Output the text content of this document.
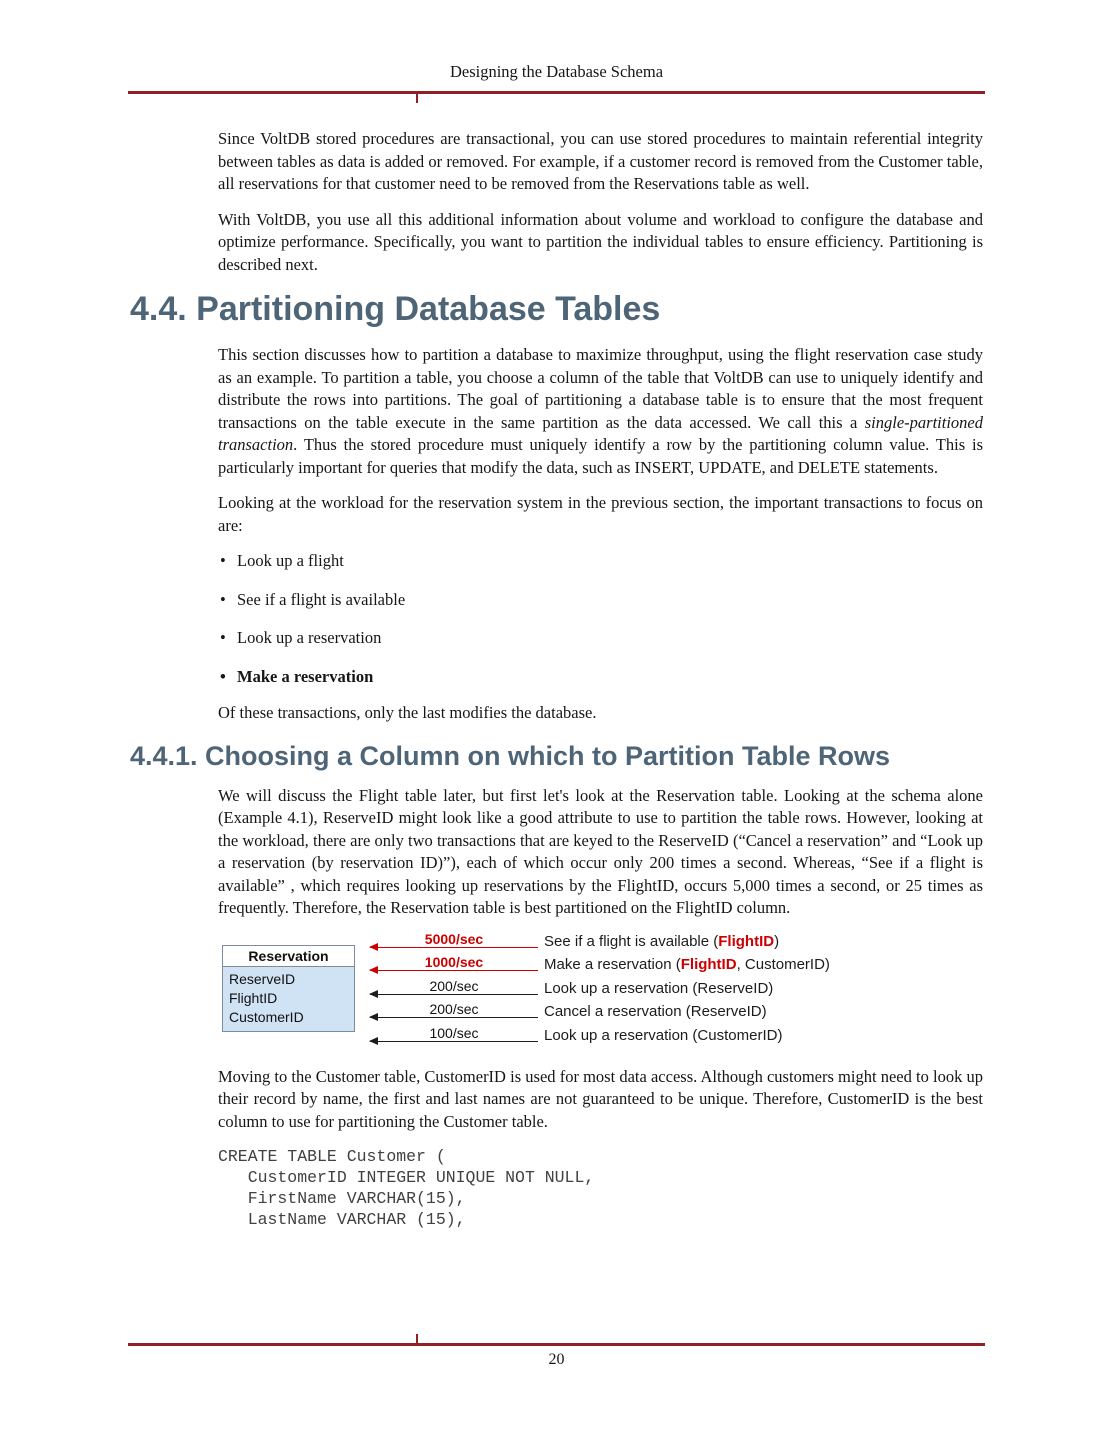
Designing the Database Schema

Since VoltDB stored procedures are transactional, you can use stored procedures to maintain referential integrity between tables as data is added or removed. For example, if a customer record is removed from the Customer table, all reservations for that customer need to be removed from the Reservations table as well.

With VoltDB, you use all this additional information about volume and workload to configure the database and optimize performance. Specifically, you want to partition the individual tables to ensure efficiency. Partitioning is described next.

4.4. Partitioning Database Tables

This section discusses how to partition a database to maximize throughput, using the flight reservation case study as an example. To partition a table, you choose a column of the table that VoltDB can use to uniquely identify and distribute the rows into partitions. The goal of partitioning a database table is to ensure that the most frequent transactions on the table execute in the same partition as the data accessed. We call this a single-partitioned transaction. Thus the stored procedure must uniquely identify a row by the partitioning column value. This is particularly important for queries that modify the data, such as INSERT, UPDATE, and DELETE statements.

Looking at the workload for the reservation system in the previous section, the important transactions to focus on are:

• Look up a flight
• See if a flight is available
• Look up a reservation
• Make a reservation

Of these transactions, only the last modifies the database.

4.4.1. Choosing a Column on which to Partition Table Rows

We will discuss the Flight table later, but first let's look at the Reservation table. Looking at the schema alone (Example 4.1), ReserveID might look like a good attribute to use to partition the table rows. However, looking at the workload, there are only two transactions that are keyed to the ReserveID (“Cancel a reservation” and “Look up a reservation (by reservation ID)”), each of which occur only 200 times a second. Whereas, “See if a flight is available” , which requires looking up reservations by the FlightID, occurs 5,000 times a second, or 25 times as frequently. Therefore, the Reservation table is best partitioned on the FlightID column.

Reservation
ReserveID
FlightID
CustomerID
5000/sec	See if a flight is available (FlightID)
1000/sec	Make a reservation (FlightID, CustomerID)
200/sec	Look up a reservation (ReserveID)
200/sec	Cancel a reservation (ReserveID)
100/sec	Look up a reservation (CustomerID)

Moving to the Customer table, CustomerID is used for most data access. Although customers might need to look up their record by name, the first and last names are not guaranteed to be unique. Therefore, CustomerID is the best column to use for partitioning the Customer table.

CREATE TABLE Customer (
CustomerID INTEGER UNIQUE NOT NULL,
FirstName VARCHAR(15),
LastName VARCHAR (15),
20
